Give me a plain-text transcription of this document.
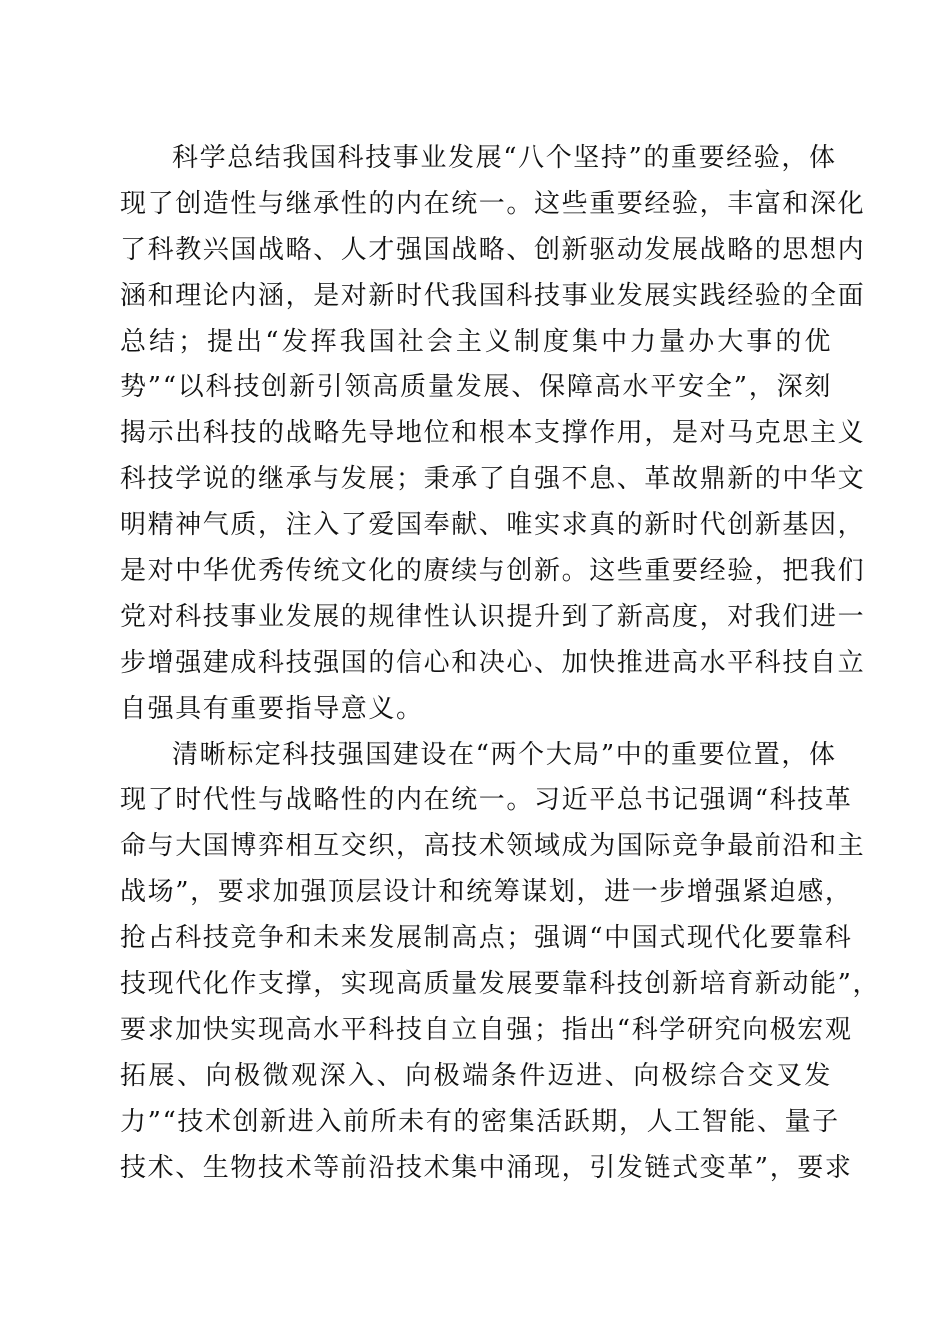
科学总结我国科技事业发展“八个坚持”的重要经验，体
现了创造性与继承性的内在统一。这些重要经验，丰富和深化
了科教兴国战略、人才强国战略、创新驱动发展战略的思想内
涵和理论内涵，是对新时代我国科技事业发展实践经验的全面
总结；提出“发挥我国社会主义制度集中力量办大事的优
势”“以科技创新引领高质量发展、保障高水平安全”，深刻
揭示出科技的战略先导地位和根本支撑作用，是对马克思主义
科技学说的继承与发展；秉承了自强不息、革故鼎新的中华文
明精神气质，注入了爱国奉献、唯实求真的新时代创新基因，
是对中华优秀传统文化的赓续与创新。这些重要经验，把我们
党对科技事业发展的规律性认识提升到了新高度，对我们进一
步增强建成科技强国的信心和决心、加快推进高水平科技自立
自强具有重要指导意义。
清晰标定科技强国建设在“两个大局”中的重要位置，体
现了时代性与战略性的内在统一。习近平总书记强调“科技革
命与大国博弈相互交织，高技术领域成为国际竞争最前沿和主
战场”，要求加强顶层设计和统筹谋划，进一步增强紧迫感，
抢占科技竞争和未来发展制高点；强调“中国式现代化要靠科
技现代化作支撑，实现高质量发展要靠科技创新培育新动能”，
要求加快实现高水平科技自立自强；指出“科学研究向极宏观
拓展、向极微观深入、向极端条件迈进、向极综合交叉发
力”“技术创新进入前所未有的密集活跃期，人工智能、量子
技术、生物技术等前沿技术集中涌现，引发链式变革”，要求
